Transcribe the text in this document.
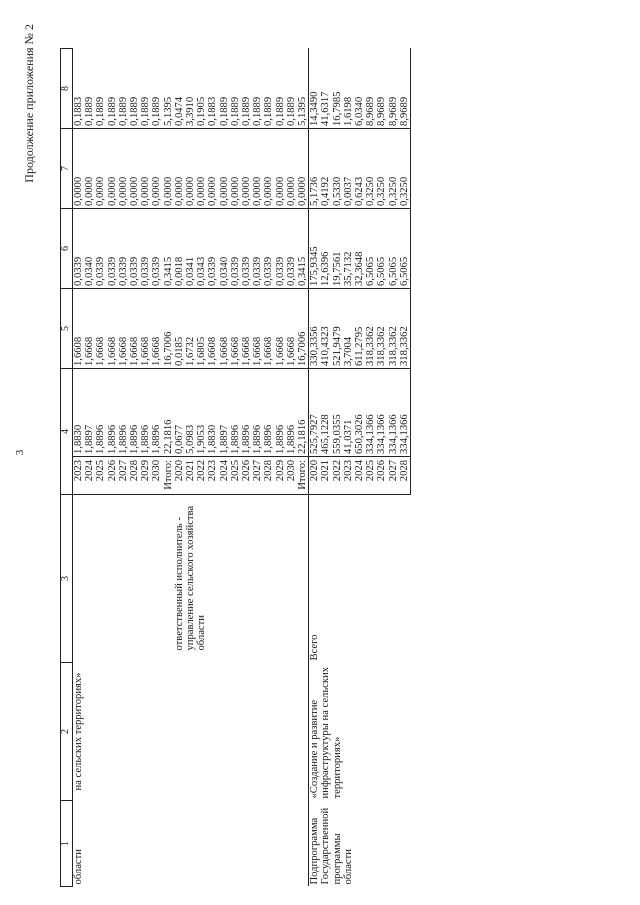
3
Продолжение приложения № 2
1	2	3	4		5	6	7	8

области	на сельских территориях»		2023	1,8830	1,6608	0,0339	0,0000	0,1883
			2024	1,8897	1,6668	0,0340	0,0000	0,1889
			2025	1,8896	1,6668	0,0339	0,0000	0,1889
			2026	1,8896	1,6668	0,0339	0,0000	0,1889
			2027	1,8896	1,6668	0,0339	0,0000	0,1889
			2028	1,8896	1,6668	0,0339	0,0000	0,1889
			2029	1,8896	1,6668	0,0339	0,0000	0,1889
			2030	1,8896	1,6668	0,0339	0,0000	0,1889
			Итого:	22,1816	16,7006	0,3415	0,0000	5,1395

		ответственный исполнитель - управление сельского хозяйства области	2020	0,0677	0,0185	0,0018	0,0000	0,0474
			2021	5,0983	1,6732	0,0341	0,0000	3,3910
			2022	1,9053	1,6805	0,0343	0,0000	0,1905
			2023	1,8830	1,6608	0,0339	0,0000	0,1883
			2024	1,8897	1,6668	0,0340	0,0000	0,1889
			2025	1,8896	1,6668	0,0339	0,0000	0,1889
			2026	1,8896	1,6668	0,0339	0,0000	0,1889
			2027	1,8896	1,6668	0,0339	0,0000	0,1889
			2028	1,8896	1,6668	0,0339	0,0000	0,1889
			2029	1,8896	1,6668	0,0339	0,0000	0,1889
			2030	1,8896	1,6668	0,0339	0,0000	0,1889
			Итого:	22,1816	16,7006	0,3415	0,0000	5,1395

Подпрограмма Государственной программы области	«Создание и развитие инфраструктуры на сельских территориях»	Всего	2020	525,7927	330,3356	175,9345	5,1736	14,3490
			2021	465,1228	410,4323	12,6396	0,4192	41,6317
			2022	559,0355	521,9479	19,7561	0,5330	16,7985
			2023	41,0371	3,7004	35,7132	0,0037	1,6198
			2024	650,3026	611,2795	32,3648	0,6243	6,0340
			2025	334,1366	318,3362	6,5065	0,3250	8,9689
			2026	334,1366	318,3362	6,5065	0,3250	8,9689
			2027	334,1366	318,3362	6,5065	0,3250	8,9689
			2028	334,1366	318,3362	6,5065	0,3250	8,9689
